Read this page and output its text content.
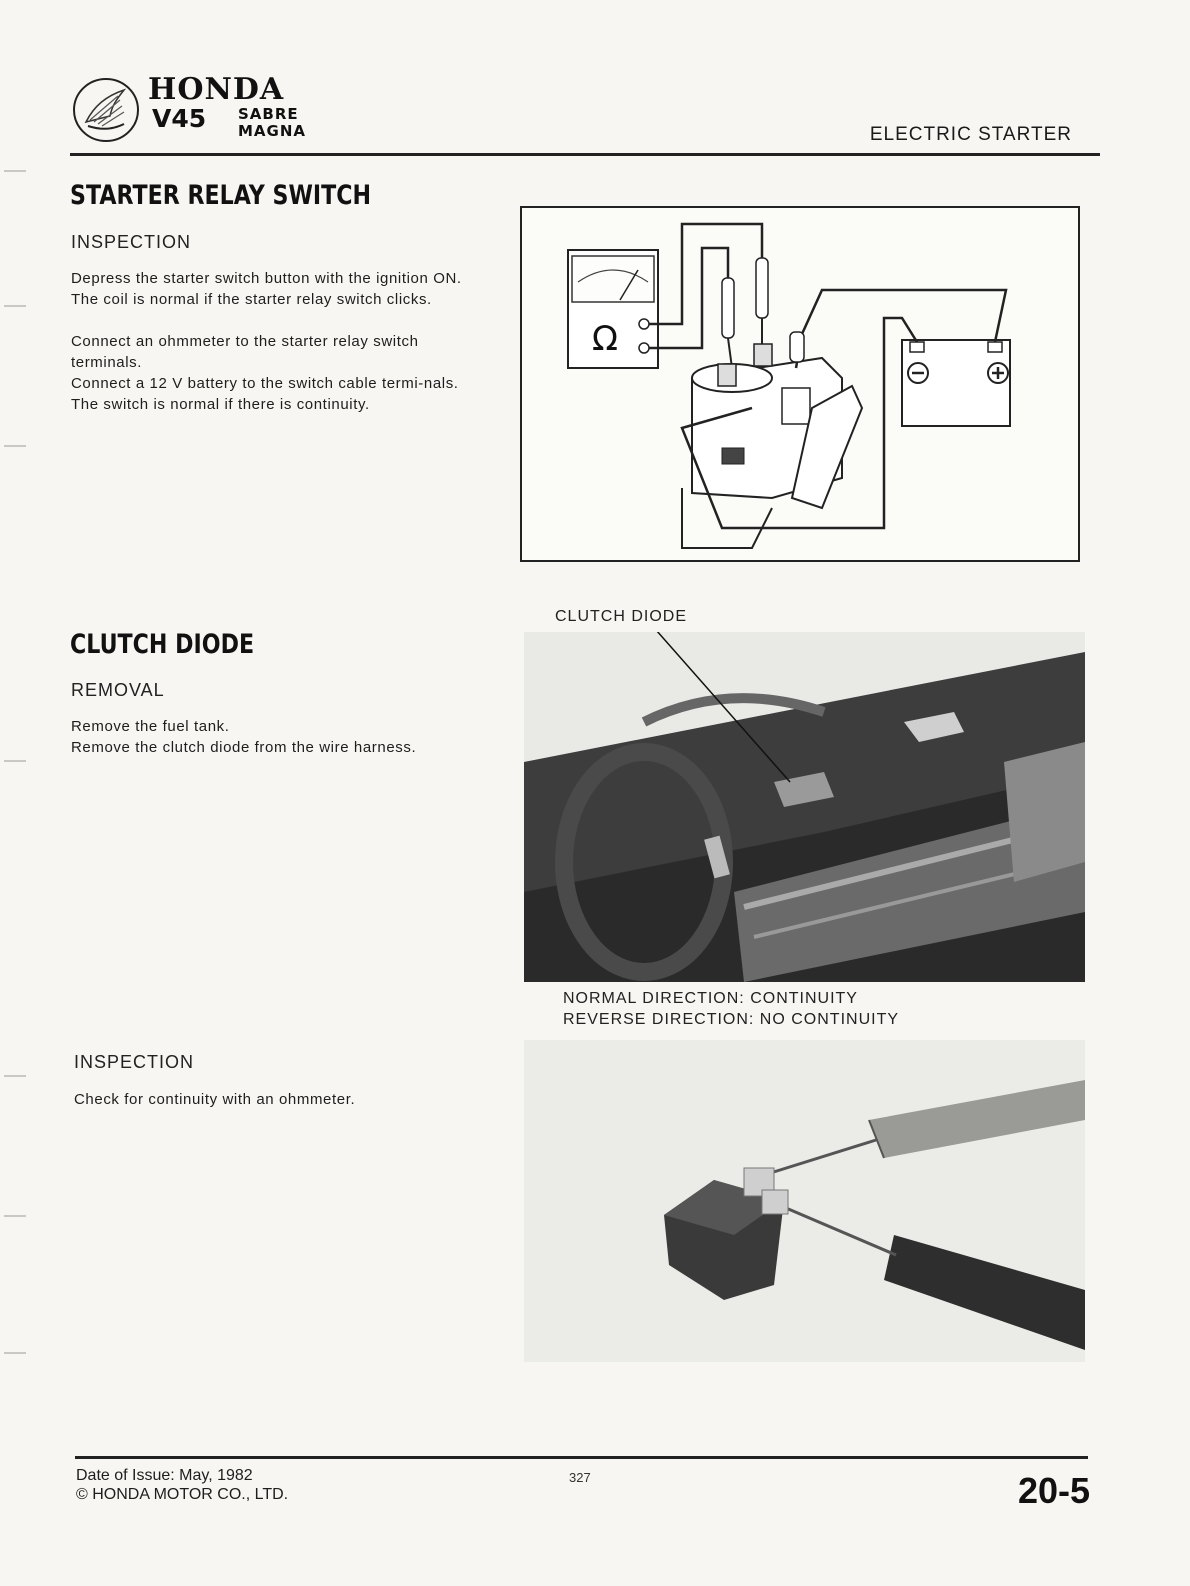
HONDA
V45 SABRE
MAGNA	ELECTRIC STARTER
STARTER RELAY SWITCH
INSPECTION

Depress the starter switch button with the ignition ON.

The coil is normal if the starter relay switch clicks.

Connect an ohmmeter to the starter relay switch terminals.

Connect a 12 V battery to the switch cable termi-nals.

The switch is normal if there is continuity.

Ω
CLUTCH DIODE
REMOVAL

Remove the fuel tank.

Remove the clutch diode from the wire harness.

CLUTCH DIODE
NORMAL DIRECTION: CONTINUITY
REVERSE DIRECTION: NO CONTINUITY
INSPECTION
Check for continuity with an ohmmeter.
Date of Issue: May, 1982
© HONDA MOTOR CO., LTD.
327	20-5
